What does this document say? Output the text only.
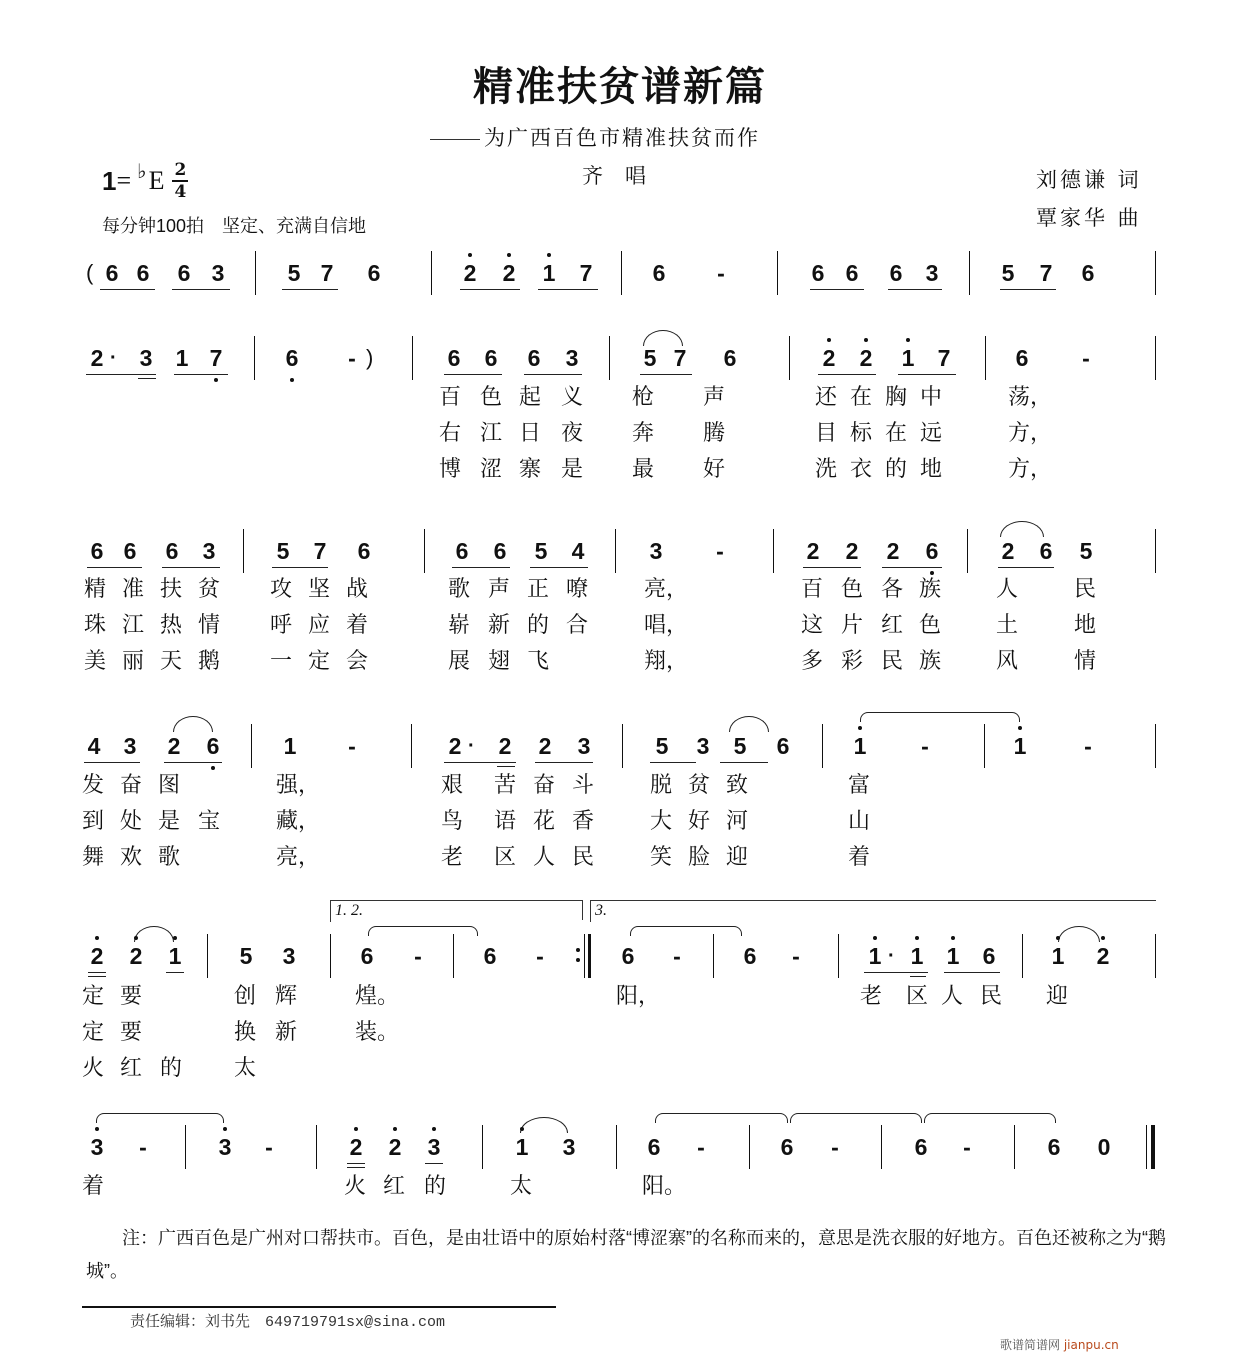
精准扶贫谱新篇
为广西百色市精准扶贫而作
齐唱
1 = ♭ E $\frac{2}{4}$
每分钟100拍　坚定、充满自信地
刘德谦 词
覃家华 曲
( 6 6 6 3	5 7 6	2 2 1 7	6 -	6 6 6 3	5 7 6
2 · 3 1 7	6 - )	6 6 6 3	5 7 6	2 2 1 7	6 -
百 色 起 义	枪	声	还 在 胸 中	荡，
右 江 日 夜	奔	腾	目 标 在 远	方，
博 涩 寨 是	最	好	洗 衣 的 地	方，
6 6 6 3	5 7 6	6 6 5 4	3 -	2 2 2 6	2 6 5
精 准 扶 贫	攻 坚 战	歌 声 正 嘹	亮，	百 色 各 族	人	民
珠 江 热 情	呼 应 着	崭 新 的 合	唱，	这 片 红 色	土	地
美 丽 天 鹅	一 定 会	展 翅 飞	翔，	多 彩 民 族	风	情
4 3 2 6	1 -	2 · 2 2 3	5 3 5 6	1 -	1	-
发 奋 图	强，	艰	苦 奋 斗	脱 贫 致	富
到 处 是 宝	藏，	鸟	语 花 香	大 好 河	山
舞 欢 歌	亮，	老	区 人 民	笑 脸 迎	着
1. 2.	3.
2 2 1	5 3	6 -	6 -	6 -	6 -	1 · 1 1 6 1 2
定 要	创 辉	煌。	阳，	老	区 人 民	迎
定 要	换 新	装。
火 红 的	太
3 -	3 -	2 2 3	1 3	6 -	6 -	6 -	6 0
着	火 红 的	太	阳。
注：广西百色是广州对口帮扶市。百色，是由壮语中的原始村落“博涩寨”的名称而来的，意思是洗衣服的好地方。百色还被称之为“鹅城”。
责任编辑：刘书先　649719791sx@sina.com
歌谱简谱网 jianpu.cn
